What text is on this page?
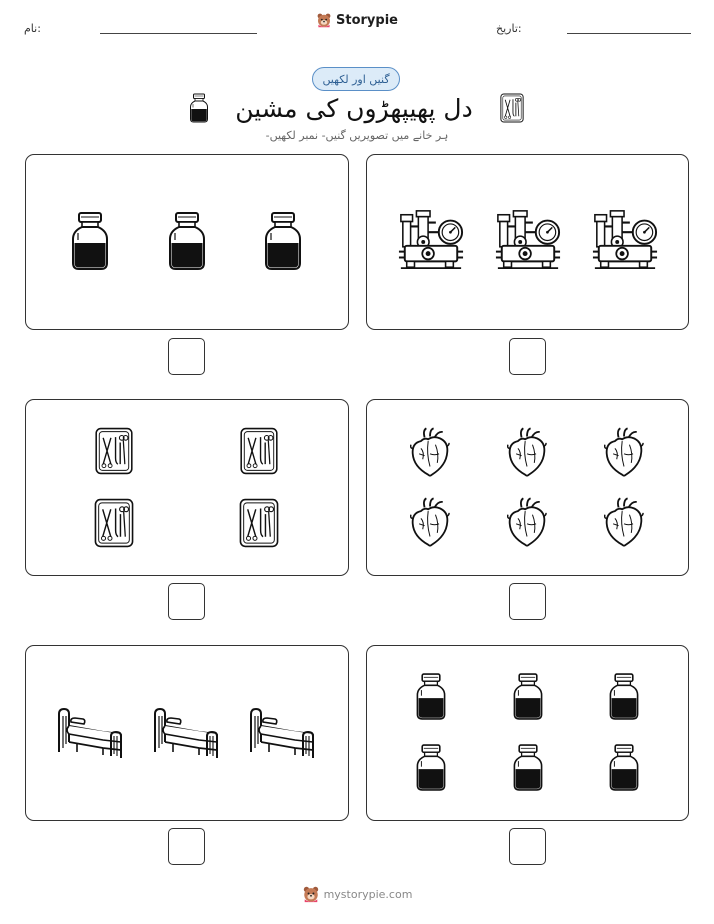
نام:	تاریخ:
Storypie
گنیں اور لکھیں
دل پھیپھڑوں کی مشین
ہر خانے میں تصویریں گنیں- نمبر لکھیں-
mystorypie.com
